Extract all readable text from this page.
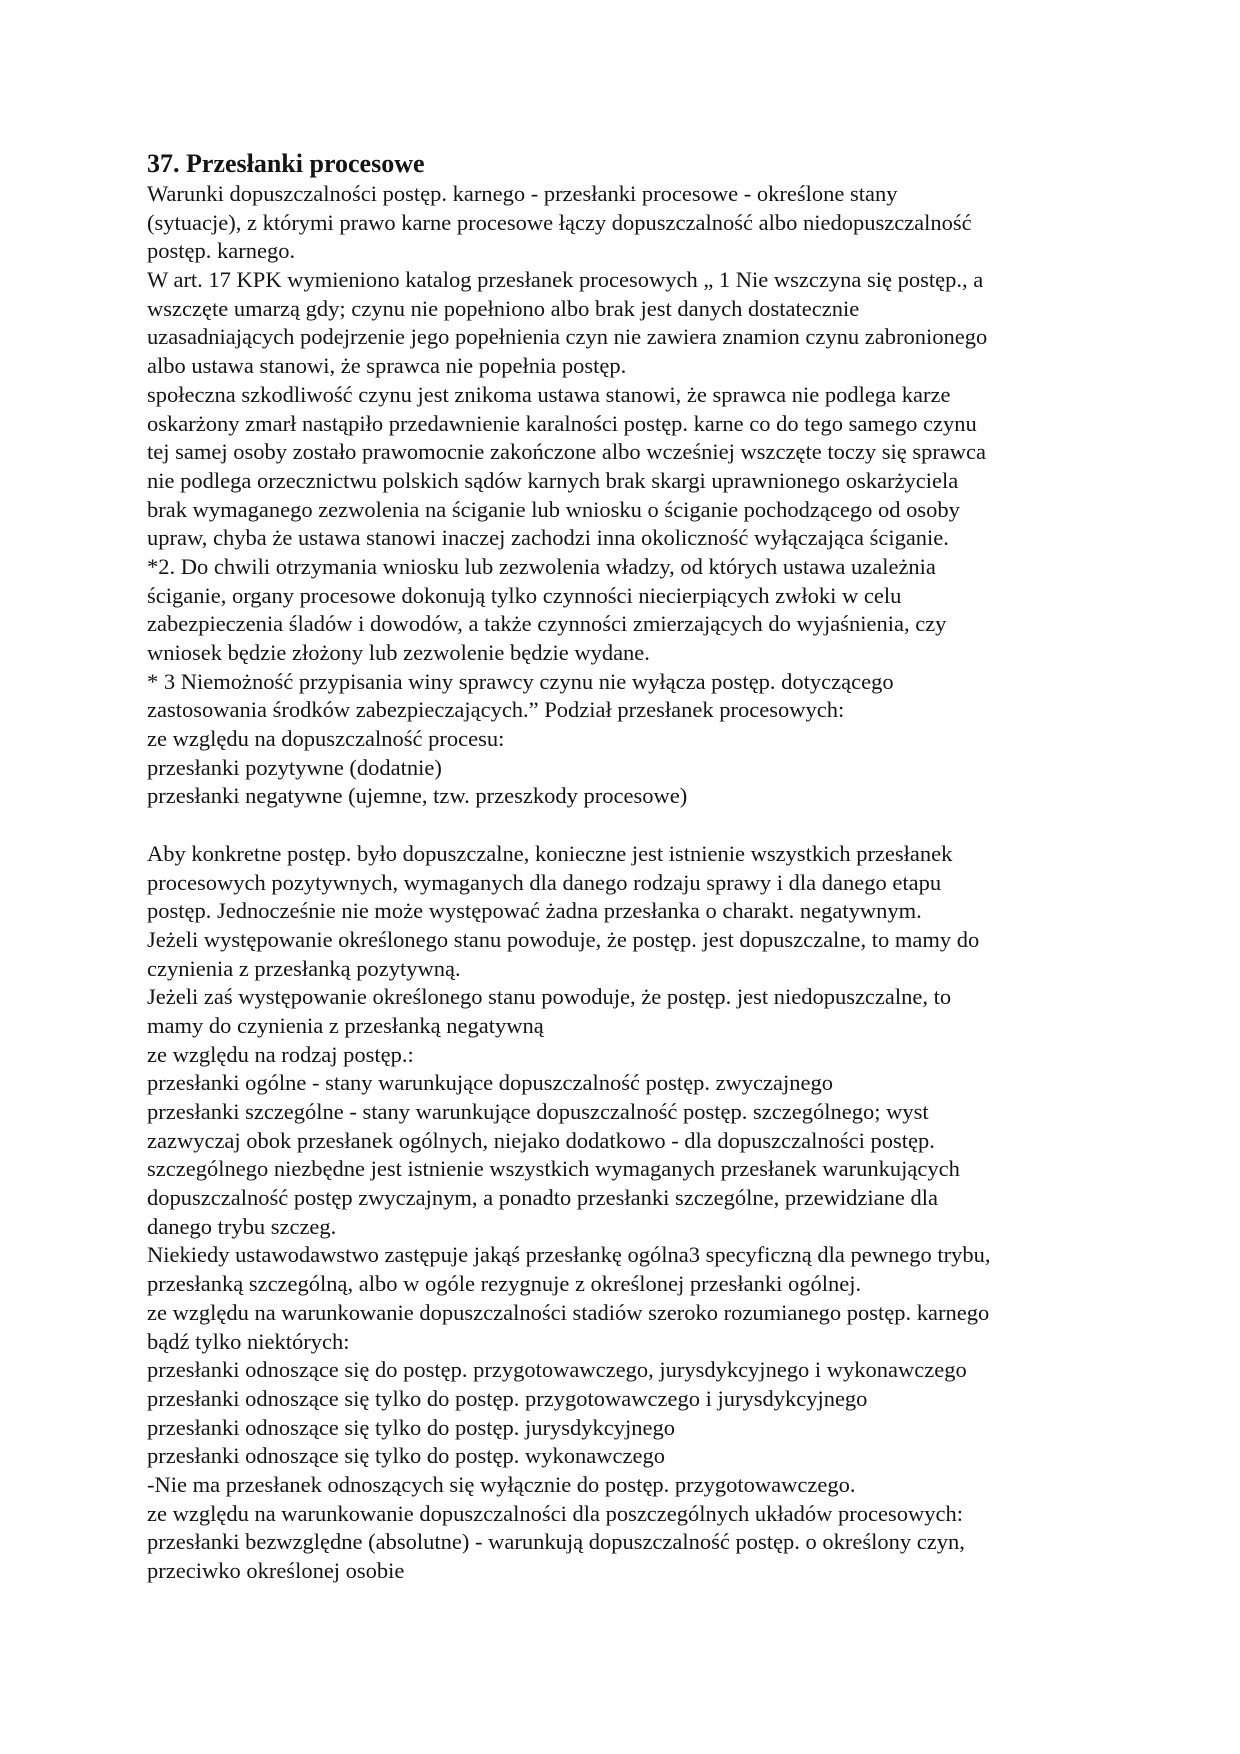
37. Przesłanki procesowe

Warunki dopuszczalności postęp. karnego - przesłanki procesowe - określone stany

(sytuacje), z którymi prawo karne procesowe łączy dopuszczalność albo niedopuszczalność

postęp. karnego.

W art. 17 KPK wymieniono katalog przesłanek procesowych „ 1 Nie wszczyna się postęp., a

wszczęte umarzą gdy; czynu nie popełniono albo brak jest danych dostatecznie

uzasadniających podejrzenie jego popełnienia czyn nie zawiera znamion czynu zabronionego

albo ustawa stanowi, że sprawca nie popełnia postęp.

społeczna szkodliwość czynu jest znikoma ustawa stanowi, że sprawca nie podlega karze

oskarżony zmarł nastąpiło przedawnienie karalności postęp. karne co do tego samego czynu

tej samej osoby zostało prawomocnie zakończone albo wcześniej wszczęte toczy się sprawca

nie podlega orzecznictwu polskich sądów karnych brak skargi uprawnionego oskarżyciela

brak wymaganego zezwolenia na ściganie lub wniosku o ściganie pochodzącego od osoby

upraw, chyba że ustawa stanowi inaczej zachodzi inna okoliczność wyłączająca ściganie.

*2. Do chwili otrzymania wniosku lub zezwolenia władzy, od których ustawa uzależnia

ściganie, organy procesowe dokonują tylko czynności niecierpiących zwłoki w celu

zabezpieczenia śladów i dowodów, a także czynności zmierzających do wyjaśnienia, czy

wniosek będzie złożony lub zezwolenie będzie wydane.

* 3 Niemożność przypisania winy sprawcy czynu nie wyłącza postęp. dotyczącego

zastosowania środków zabezpieczających.” Podział przesłanek procesowych:

ze względu na dopuszczalność procesu:

przesłanki pozytywne (dodatnie)

przesłanki negatywne (ujemne, tzw. przeszkody procesowe)

Aby konkretne postęp. było dopuszczalne, konieczne jest istnienie wszystkich przesłanek

procesowych pozytywnych, wymaganych dla danego rodzaju sprawy i dla danego etapu

postęp. Jednocześnie nie może występować żadna przesłanka o charakt. negatywnym.

Jeżeli występowanie określonego stanu powoduje, że postęp. jest dopuszczalne, to mamy do

czynienia z przesłanką pozytywną.

Jeżeli zaś występowanie określonego stanu powoduje, że postęp. jest niedopuszczalne, to

mamy do czynienia z przesłanką negatywną

ze względu na rodzaj postęp.:

przesłanki ogólne - stany warunkujące dopuszczalność postęp. zwyczajnego

przesłanki szczególne - stany warunkujące dopuszczalność postęp. szczególnego; wyst

zazwyczaj obok przesłanek ogólnych, niejako dodatkowo - dla dopuszczalności postęp.

szczególnego niezbędne jest istnienie wszystkich wymaganych przesłanek warunkujących

dopuszczalność postęp zwyczajnym, a ponadto przesłanki szczególne, przewidziane dla

danego trybu szczeg.

Niekiedy ustawodawstwo zastępuje jakąś przesłankę ogólna3 specyficzną dla pewnego trybu,

przesłanką szczególną, albo w ogóle rezygnuje z określonej przesłanki ogólnej.

ze względu na warunkowanie dopuszczalności stadiów szeroko rozumianego postęp. karnego

bądź tylko niektórych:

przesłanki odnoszące się do postęp. przygotowawczego, jurysdykcyjnego i wykonawczego

przesłanki odnoszące się tylko do postęp. przygotowawczego i jurysdykcyjnego

przesłanki odnoszące się tylko do postęp. jurysdykcyjnego

przesłanki odnoszące się tylko do postęp. wykonawczego

-Nie ma przesłanek odnoszących się wyłącznie do postęp. przygotowawczego.

ze względu na warunkowanie dopuszczalności dla poszczególnych układów procesowych:

przesłanki bezwzględne (absolutne) - warunkują dopuszczalność postęp. o określony czyn,

przeciwko określonej osobie
